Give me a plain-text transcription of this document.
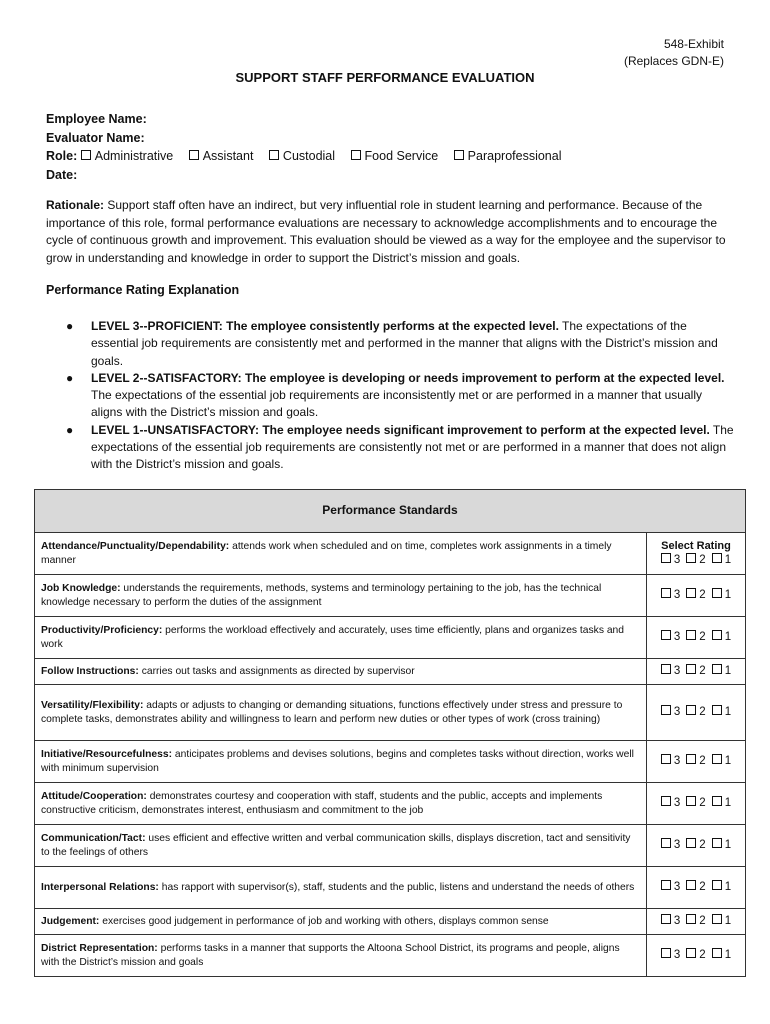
548-Exhibit
(Replaces GDN-E)
SUPPORT STAFF PERFORMANCE EVALUATION
Employee Name:
Evaluator Name:
Role: Administrative Assistant Custodial Food Service Paraprofessional
Date:
Rationale: Support staff often have an indirect, but very influential role in student learning and performance. Because of the importance of this role, formal performance evaluations are necessary to acknowledge accomplishments and to encourage the cycle of continuous growth and improvement. This evaluation should be viewed as a way for the employee and the supervisor to grow in understanding and knowledge in order to support the District’s mission and goals.
Performance Rating Explanation
● LEVEL 3--PROFICIENT: The employee consistently performs at the expected level. The expectations of the essential job requirements are consistently met and performed in the manner that aligns with the District’s mission and goals.
● LEVEL 2--SATISFACTORY: The employee is developing or needs improvement to perform at the expected level. The expectations of the essential job requirements are inconsistently met or are performed in a manner that usually aligns with the District’s mission and goals.
● LEVEL 1--UNSATISFACTORY: The employee needs significant improvement to perform at the expected level. The expectations of the essential job requirements are consistently not met or are performed in a manner that does not align with the District’s mission and goals.
Performance Standards	
Attendance/Punctuality/Dependability: attends work when scheduled and on time, completes work assignments in a timely manner	Select Rating
3 2 1

Job Knowledge: understands the requirements, methods, systems and terminology pertaining to the job, has the technical knowledge necessary to perform the duties of the assignment	3 2 1

Productivity/Proficiency: performs the workload effectively and accurately, uses time efficiently, plans and organizes tasks and work	3 2 1

Follow Instructions: carries out tasks and assignments as directed by supervisor	3 2 1

Versatility/Flexibility: adapts or adjusts to changing or demanding situations, functions effectively under stress and pressure to complete tasks, demonstrates ability and willingness to learn and perform new duties or other types of work (cross training)	3 2 1

Initiative/Resourcefulness: anticipates problems and devises solutions, begins and completes tasks without direction, works well with minimum supervision	3 2 1

Attitude/Cooperation: demonstrates courtesy and cooperation with staff, students and the public, accepts and implements constructive criticism, demonstrates interest, enthusiasm and commitment to the job	3 2 1

Communication/Tact: uses efficient and effective written and verbal communication skills, displays discretion, tact and sensitivity to the feelings of others	3 2 1

Interpersonal Relations: has rapport with supervisor(s), staff, students and the public, listens and understand the needs of others	3 2 1

Judgement: exercises good judgement in performance of job and working with others, displays common sense	3 2 1

District Representation: performs tasks in a manner that supports the Altoona School District, its programs and people, aligns with the District’s mission and goals	3 2 1
